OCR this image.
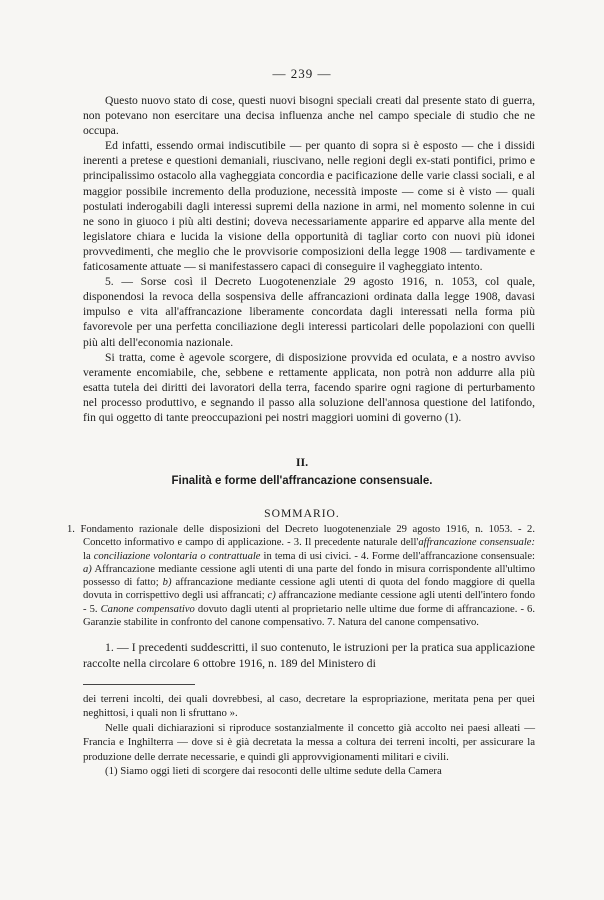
— 239 —

Questo nuovo stato di cose, questi nuovi bisogni speciali creati dal presente stato di guerra, non potevano non esercitare una decisa influenza anche nel campo speciale di studio che ne occupa.

Ed infatti, essendo ormai indiscutibile — per quanto di sopra si è esposto — che i dissidi inerenti a pretese e questioni demaniali, riuscivano, nelle regioni degli ex-stati pontifici, primo e principalissimo ostacolo alla vagheggiata concordia e pacificazione delle varie classi sociali, e al maggior possibile incremento della produzione, necessità imposte — come si è visto — quali postulati inderogabili dagli interessi supremi della nazione in armi, nel momento solenne in cui ne sono in giuoco i più alti destini; doveva necessariamente apparire ed apparve alla mente del legislatore chiara e lucida la visione della opportunità di tagliar corto con nuovi più idonei provvedimenti, che meglio che le provvisorie composizioni della legge 1908 — tardivamente e faticosamente attuate — si manifestassero capaci di conseguire il vagheggiato intento.

5. — Sorse così il Decreto Luogotenenziale 29 agosto 1916, n. 1053, col quale, disponendosi la revoca della sospensiva delle affrancazioni ordinata dalla legge 1908, davasi impulso e vita all'affrancazione liberamente concordata dagli interessati nella forma più favorevole per una perfetta conciliazione degli interessi particolari delle popolazioni con quelli più alti dell'economia nazionale.

Si tratta, come è agevole scorgere, di disposizione provvida ed oculata, e a nostro avviso veramente encomiabile, che, sebbene e rettamente applicata, non potrà non addurre alla più esatta tutela dei diritti dei lavoratori della terra, facendo sparire ogni ragione di perturbamento nel processo produttivo, e segnando il passo alla soluzione dell'annosa questione del latifondo, fin qui oggetto di tante preoccupazioni pei nostri maggiori uomini di governo (1).

II.
Finalità e forme dell'affrancazione consensuale.
SOMMARIO.

1. Fondamento razionale delle disposizioni del Decreto luogotenenziale 29 agosto 1916, n. 1053. - 2. Concetto informativo e campo di applicazione. - 3. Il precedente naturale dell'affrancazione consensuale: la conciliazione volontaria o contrattuale in tema di usi civici. - 4. Forme dell'affrancazione consensuale: a) Affrancazione mediante cessione agli utenti di una parte del fondo in misura corrispondente all'ultimo possesso di fatto; b) affrancazione mediante cessione agli utenti di quota del fondo maggiore di quella dovuta in corrispettivo degli usi affrancati; c) affrancazione mediante cessione agli utenti dell'intero fondo - 5. Canone compensativo dovuto dagli utenti al proprietario nelle ultime due forme di affrancazione. - 6. Garanzie stabilite in confronto del canone compensativo. 7. Natura del canone compensativo.

1. — I precedenti suddescritti, il suo contenuto, le istruzioni per la pratica sua applicazione raccolte nella circolare 6 ottobre 1916, n. 189 del Ministero di

dei terreni incolti, dei quali dovrebbesi, al caso, decretare la espropriazione, meritata pena per quei neghittosi, i quali non li sfruttano ».

Nelle quali dichiarazioni si riproduce sostanzialmente il concetto già accolto nei paesi alleati — Francia e Inghilterra — dove si è già decretata la messa a coltura dei terreni incolti, per assicurare la produzione delle derrate necessarie, e quindi gli approvvigionamenti militari e civili.

(1) Siamo oggi lieti di scorgere dai resoconti delle ultime sedute della Camera
